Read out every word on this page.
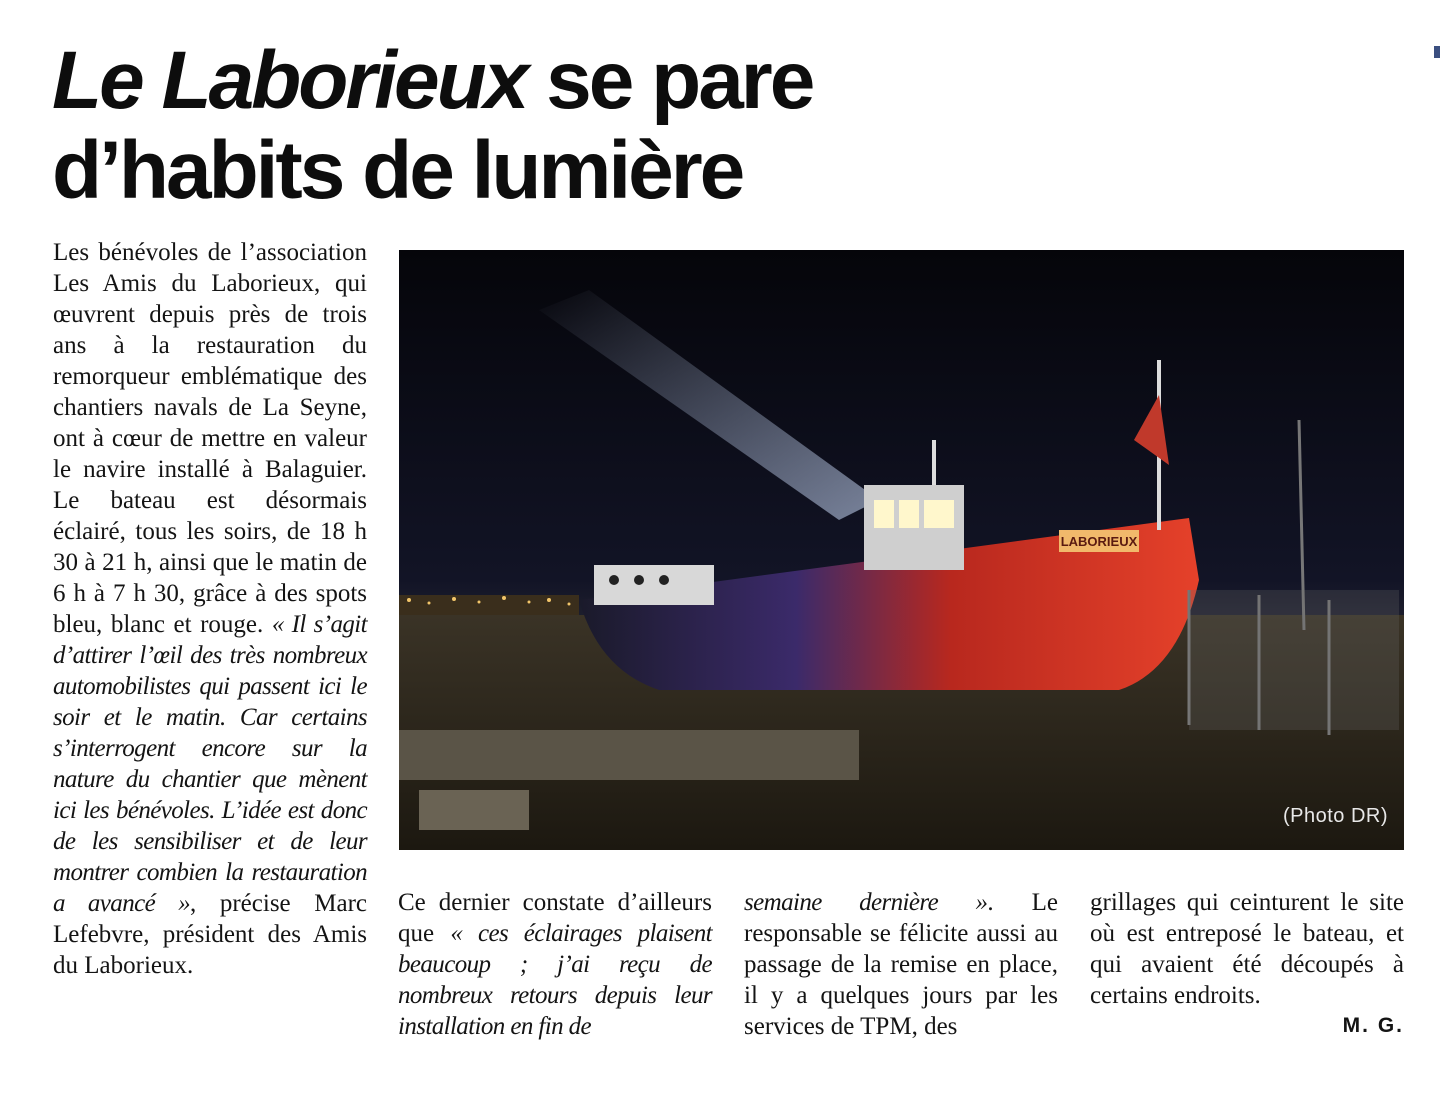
Le Laborieux se pare
d’habits de lumière
Les bénévoles de l’association Les Amis du Laborieux, qui œuvrent depuis près de trois ans à la restauration du remorqueur emblématique des chantiers navals de La Seyne, ont à cœur de mettre en valeur le navire installé à Balaguier. Le bateau est désormais éclairé, tous les soirs, de 18 h 30 à 21 h, ainsi que le matin de 6 h à 7 h 30, grâce à des spots bleu, blanc et rouge. « Il s’agit d’attirer l’œil des très nombreux automobilistes qui passent ici le soir et le matin. Car certains s’interrogent encore sur la nature du chantier que mènent ici les bénévoles. L’idée est donc de les sensibiliser et de leur montrer combien la restauration a avancé », précise Marc Lefebvre, président des Amis du Laborieux.
LABORIEUX
(Photo DR)
Ce dernier constate d’ailleurs que « ces éclairages plaisent beaucoup ; j’ai reçu de nombreux retours depuis leur installation en fin de
semaine dernière ». Le responsable se félicite aussi au passage de la remise en place, il y a quelques jours par les services de TPM, des
grillages qui ceinturent le site où est entreposé le bateau, et qui avaient été découpés à certains endroits.
M. G.
